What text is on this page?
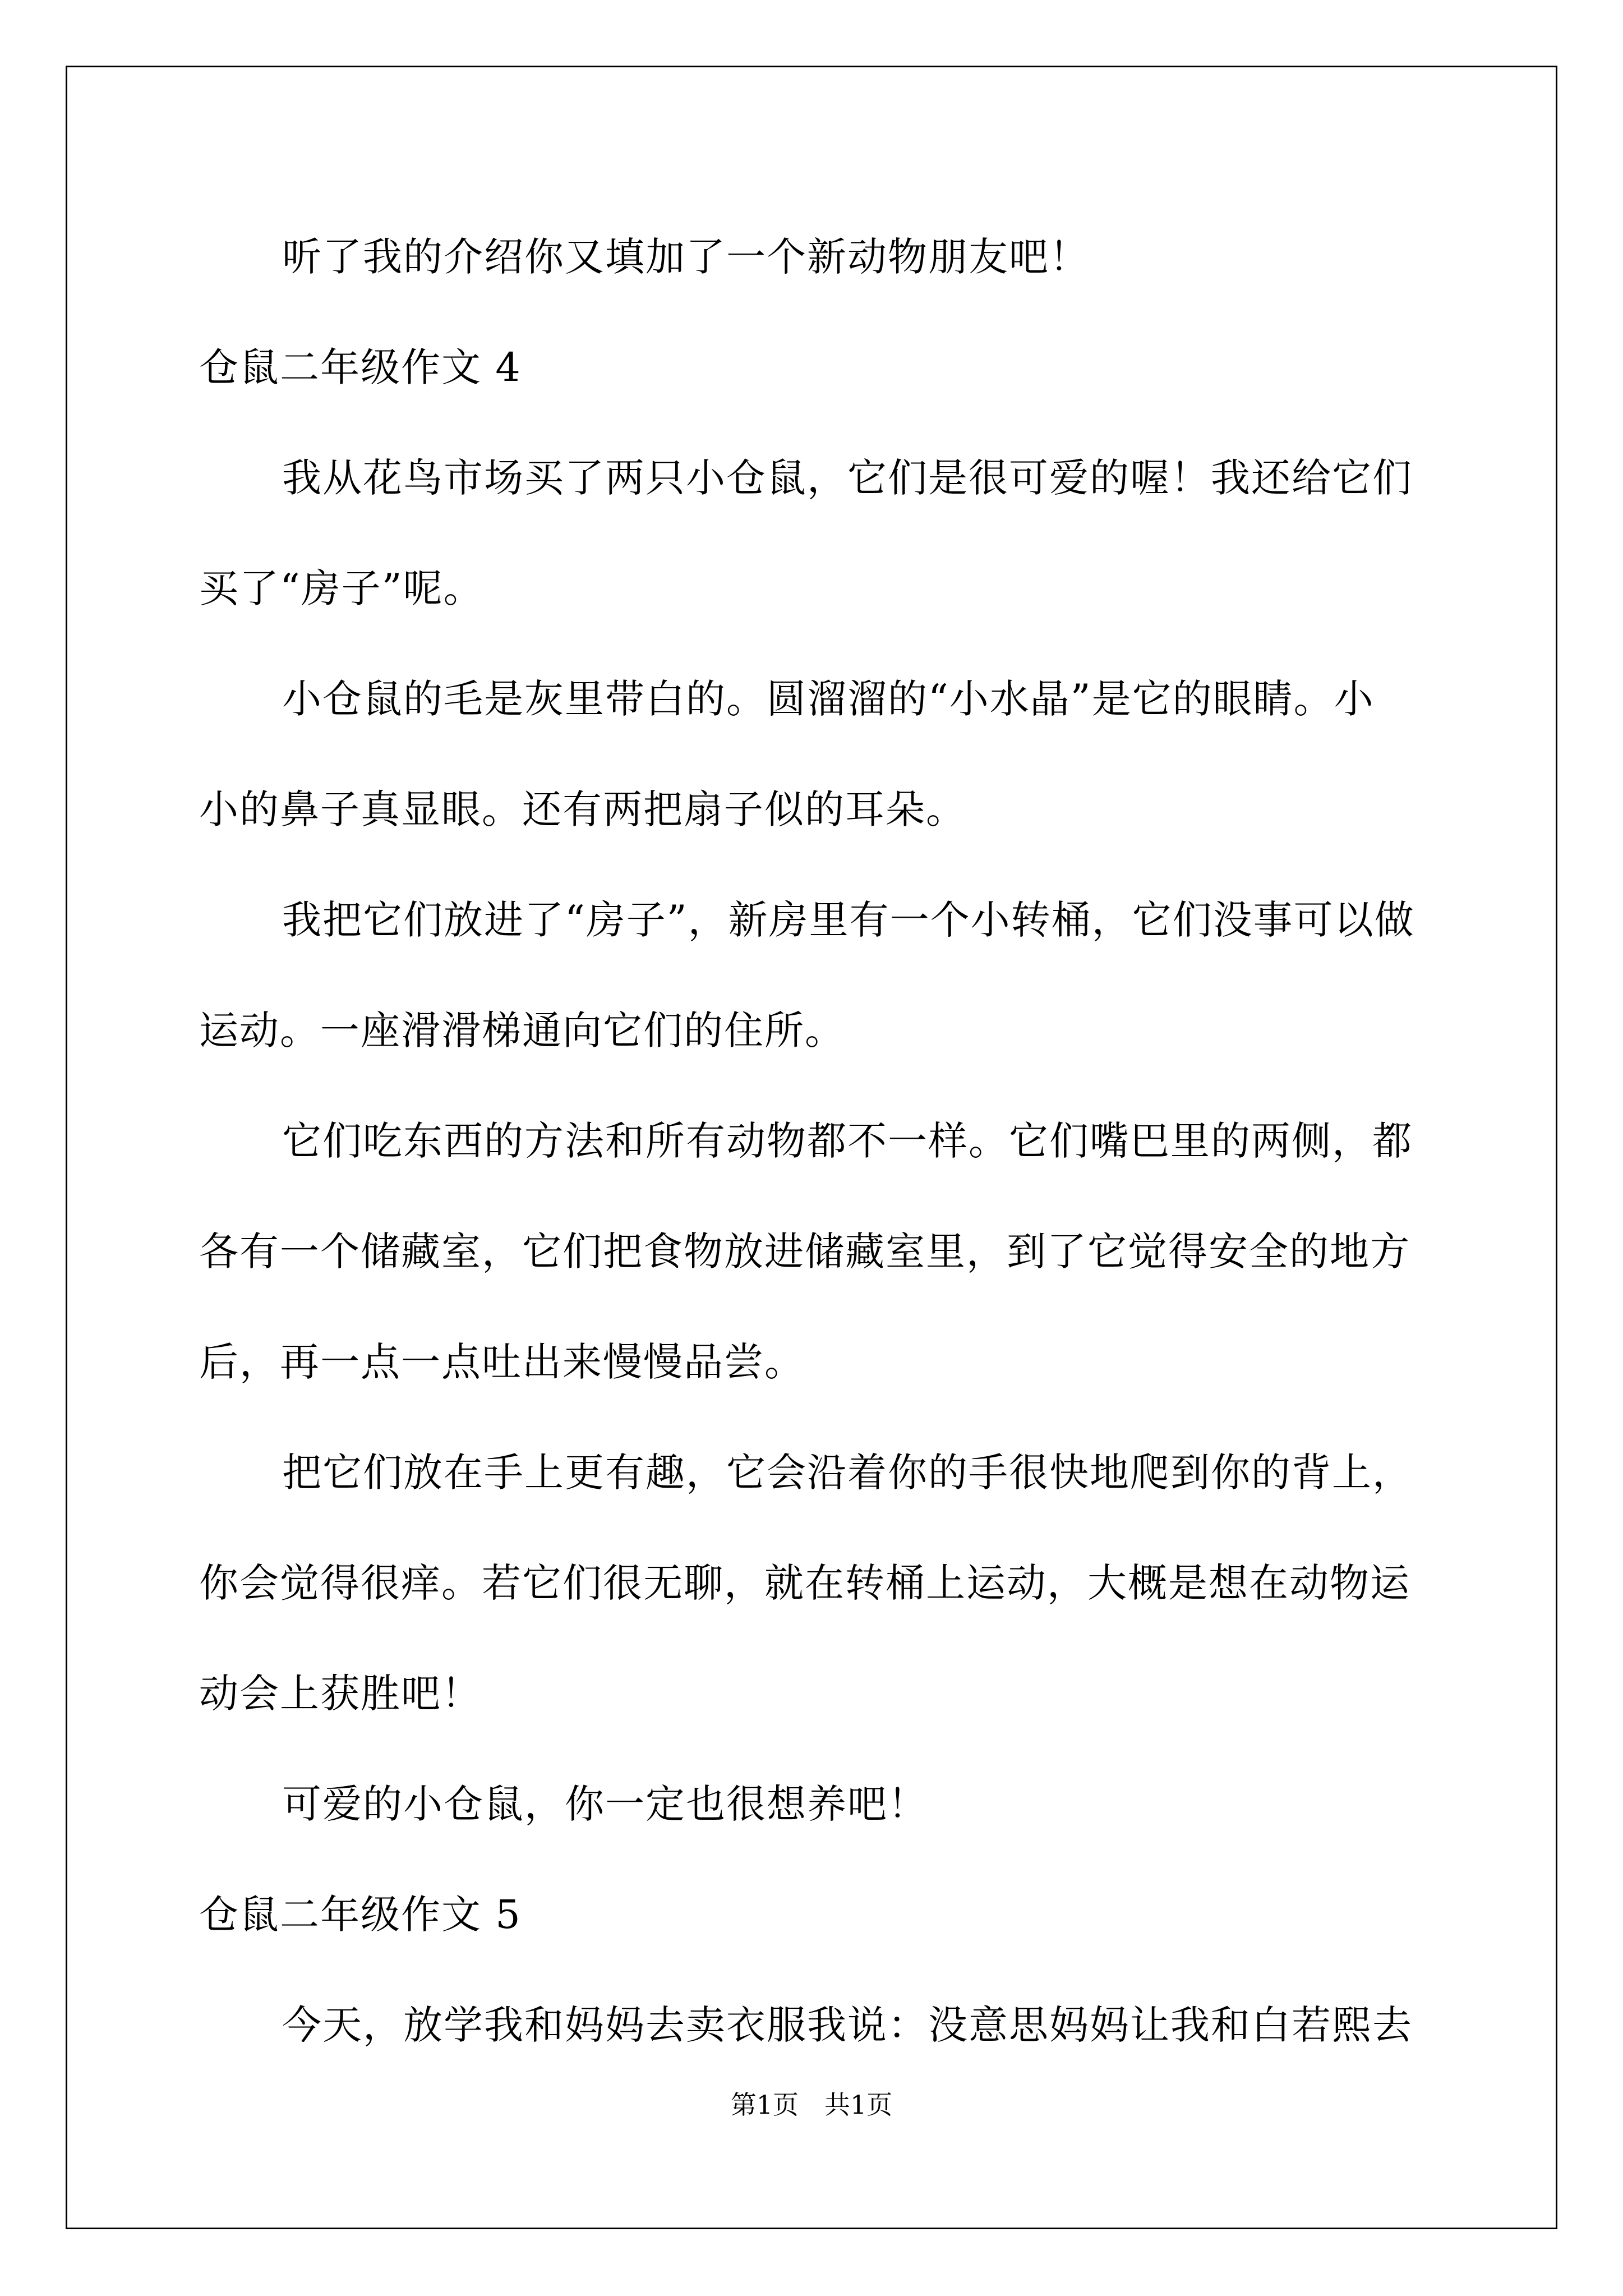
听了我的介绍你又填加了一个新动物朋友吧！

仓鼠二年级作文 4

我从花鸟市场买了两只小仓鼠，它们是很可爱的喔！我还给它们

买了“房子”呢。

小仓鼠的毛是灰里带白的。圆溜溜的“小水晶”是它的眼睛。小

小的鼻子真显眼。还有两把扇子似的耳朵。

我把它们放进了“房子”，新房里有一个小转桶，它们没事可以做

运动。一座滑滑梯通向它们的住所。

它们吃东西的方法和所有动物都不一样。它们嘴巴里的两侧，都

各有一个储藏室，它们把食物放进储藏室里，到了它觉得安全的地方

后，再一点一点吐出来慢慢品尝。

把它们放在手上更有趣，它会沿着你的手很快地爬到你的背上，

你会觉得很痒。若它们很无聊，就在转桶上运动，大概是想在动物运

动会上获胜吧！

可爱的小仓鼠，你一定也很想养吧！

仓鼠二年级作文 5

今天，放学我和妈妈去卖衣服我说：没意思妈妈让我和白若熙去

第1页 共1页
